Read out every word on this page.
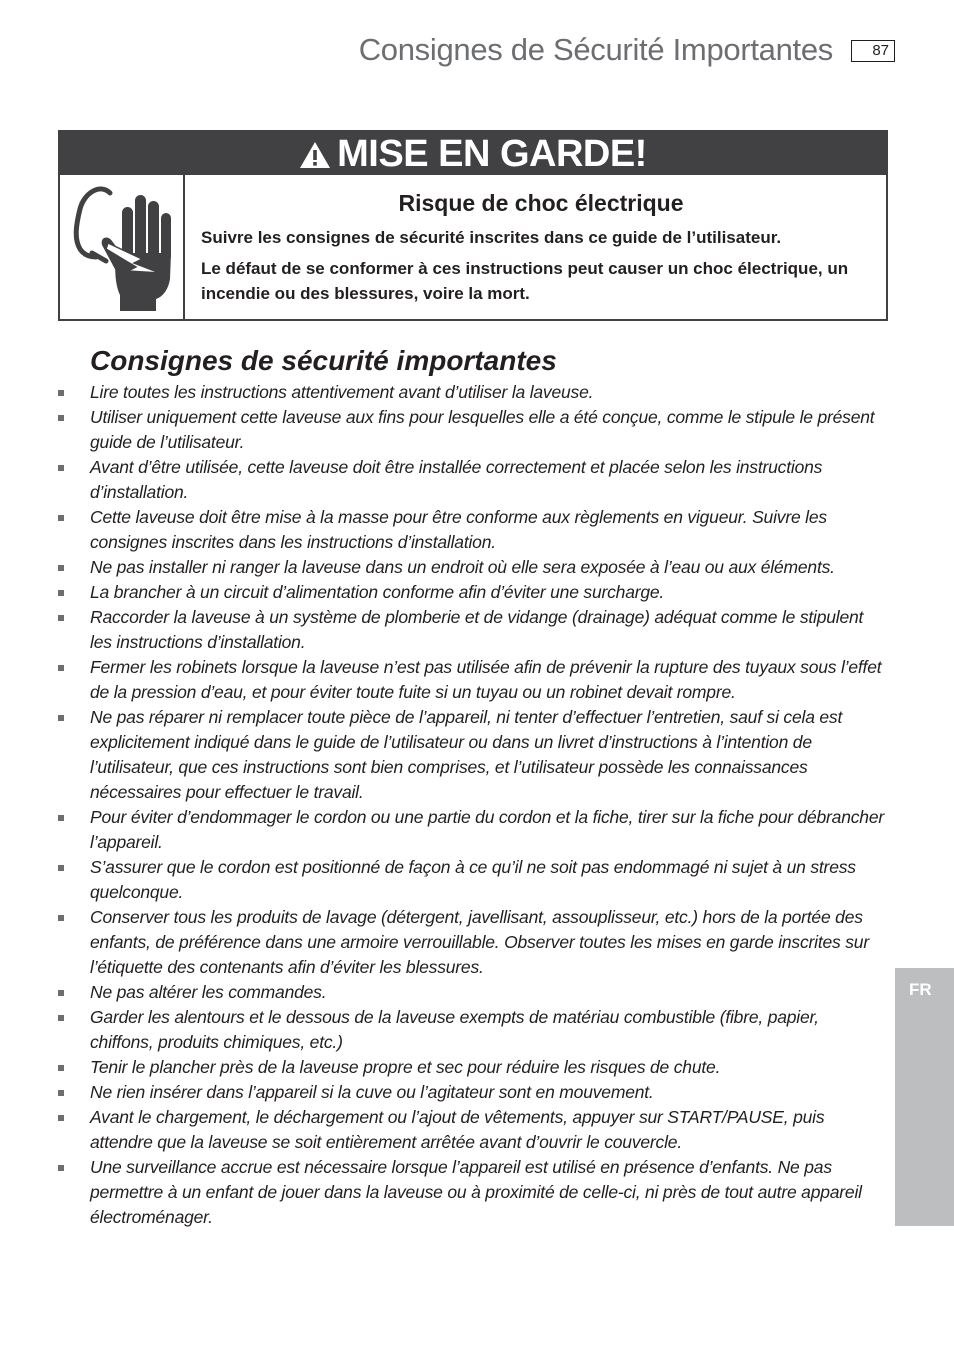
Consignes de Sécurité Importantes	87
MISE EN GARDE!
Risque de choc électrique

Suivre les consignes de sécurité inscrites dans ce guide de l’utilisateur.

Le défaut de se conformer à ces instructions peut causer un choc électrique, un incendie ou des blessures, voire la mort.

Consignes de sécurité importantes
Lire toutes les instructions attentivement avant d’utiliser la laveuse.
Utiliser uniquement cette laveuse aux fins pour lesquelles elle a été conçue, comme le stipule le présent guide de l’utilisateur.
Avant d’être utilisée, cette laveuse doit être installée correctement et placée selon les instructions d’installation.
Cette laveuse doit être mise à la masse pour être conforme aux règlements en vigueur. Suivre les consignes inscrites dans les instructions d’installation.
Ne pas installer ni ranger la laveuse dans un endroit où elle sera exposée à l’eau ou aux éléments.
La brancher à un circuit d’alimentation conforme afin d’éviter une surcharge.
Raccorder la laveuse à un système de plomberie et de vidange (drainage) adéquat comme le stipulent les instructions d’installation.
Fermer les robinets lorsque la laveuse n’est pas utilisée afin de prévenir la rupture des tuyaux sous l’effet de la pression d’eau, et pour éviter toute fuite si un tuyau ou un robinet devait rompre.
Ne pas réparer ni remplacer toute pièce de l’appareil, ni tenter d’effectuer l’entretien, sauf si cela est explicitement indiqué dans le guide de l’utilisateur ou dans un livret d’instructions à l’intention de l’utilisateur, que ces instructions sont bien comprises, et l’utilisateur possède les connaissances nécessaires pour effectuer le travail.
Pour éviter d’endommager le cordon ou une partie du cordon et la fiche, tirer sur la fiche pour débrancher l’appareil.
S’assurer que le cordon est positionné de façon à ce qu’il ne soit pas endommagé ni sujet à un stress quelconque.
Conserver tous les produits de lavage (détergent, javellisant, assouplisseur, etc.) hors de la portée des enfants, de préférence dans une armoire verrouillable. Observer toutes les mises en garde inscrites sur l’étiquette des contenants afin d’éviter les blessures.
Ne pas altérer les commandes.
Garder les alentours et le dessous de la laveuse exempts de matériau combustible (fibre, papier, chiffons, produits chimiques, etc.)
Tenir le plancher près de la laveuse propre et sec pour réduire les risques de chute.
Ne rien insérer dans l’appareil si la cuve ou l’agitateur sont en mouvement.
Avant le chargement, le déchargement ou l’ajout de vêtements, appuyer sur START/PAUSE, puis attendre que la laveuse se soit entièrement arrêtée avant d’ouvrir le couvercle.
Une surveillance accrue est nécessaire lorsque l’appareil est utilisé en présence d’enfants. Ne pas permettre à un enfant de jouer dans la laveuse ou à proximité de celle-ci, ni près de tout autre appareil électroménager.
FR
